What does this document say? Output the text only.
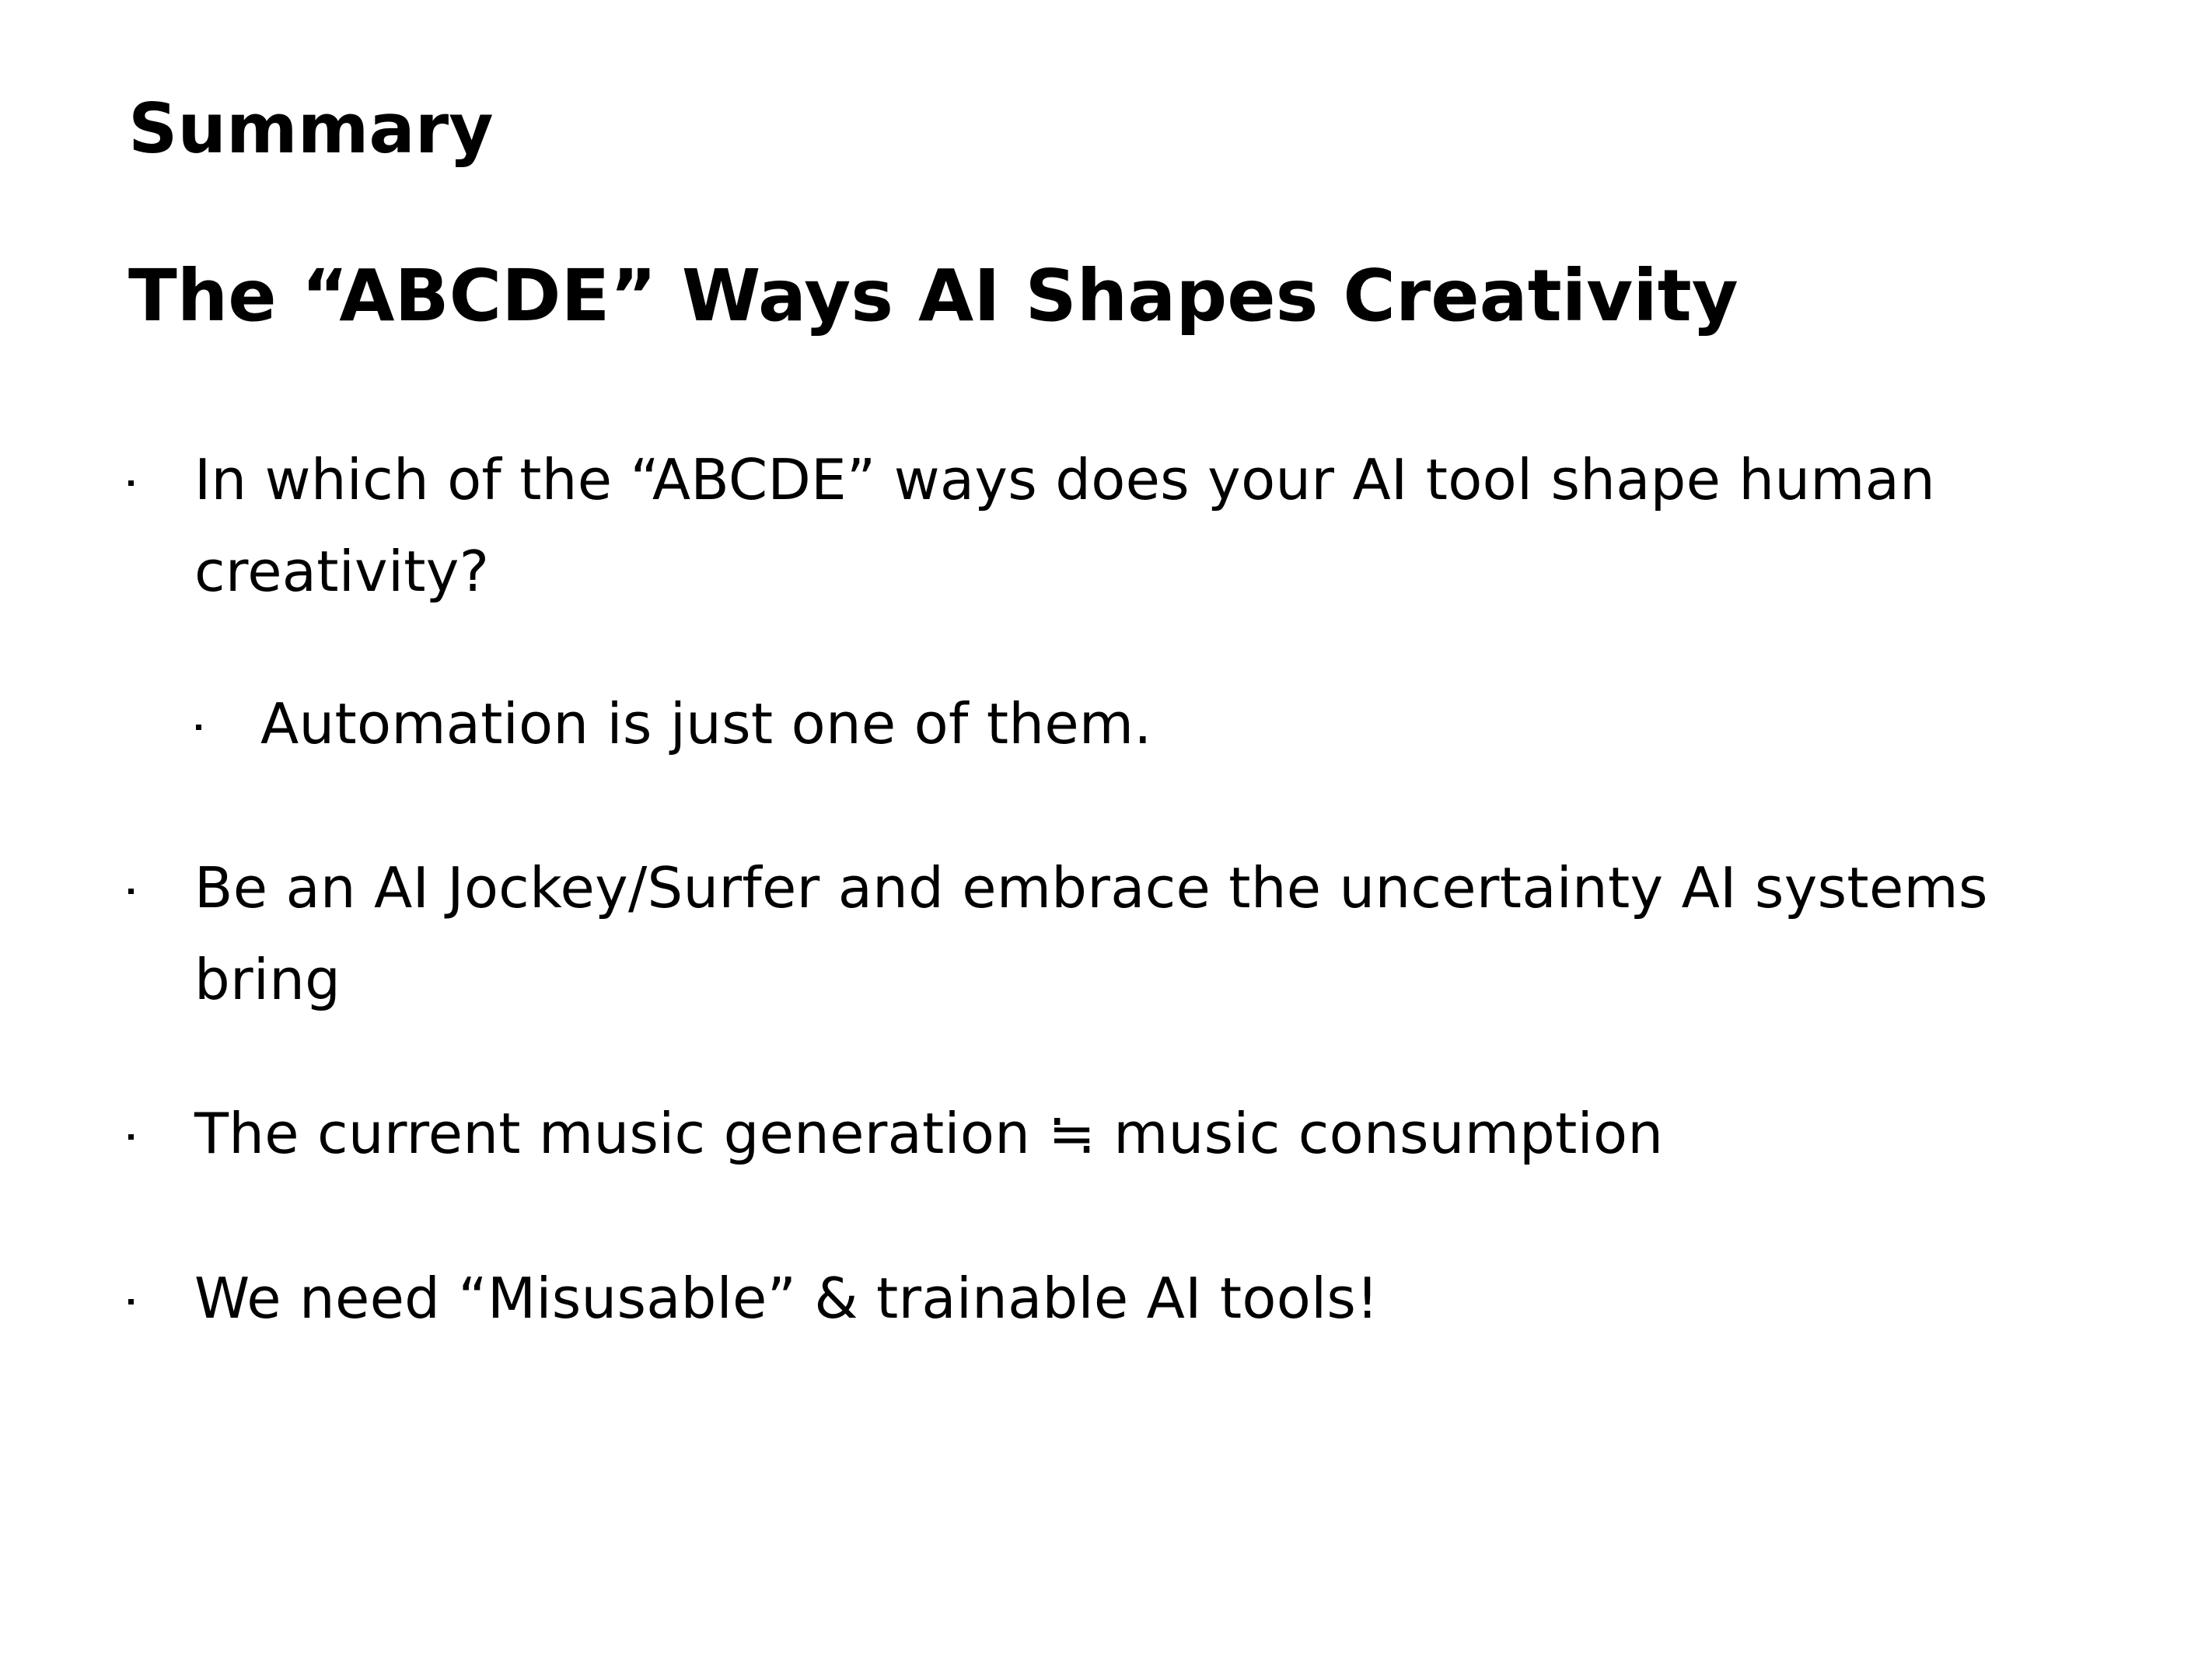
Summary
The “ABCDE” Ways AI Shapes Creativity
In which of the “ABCDE” ways does your AI tool shape human creativity?
Automation is just one of them.
Be an AI Jockey/Surfer and embrace the uncertainty AI systems bring
The current music generation ≒ music consumption
We need “Misusable” & trainable AI tools!
